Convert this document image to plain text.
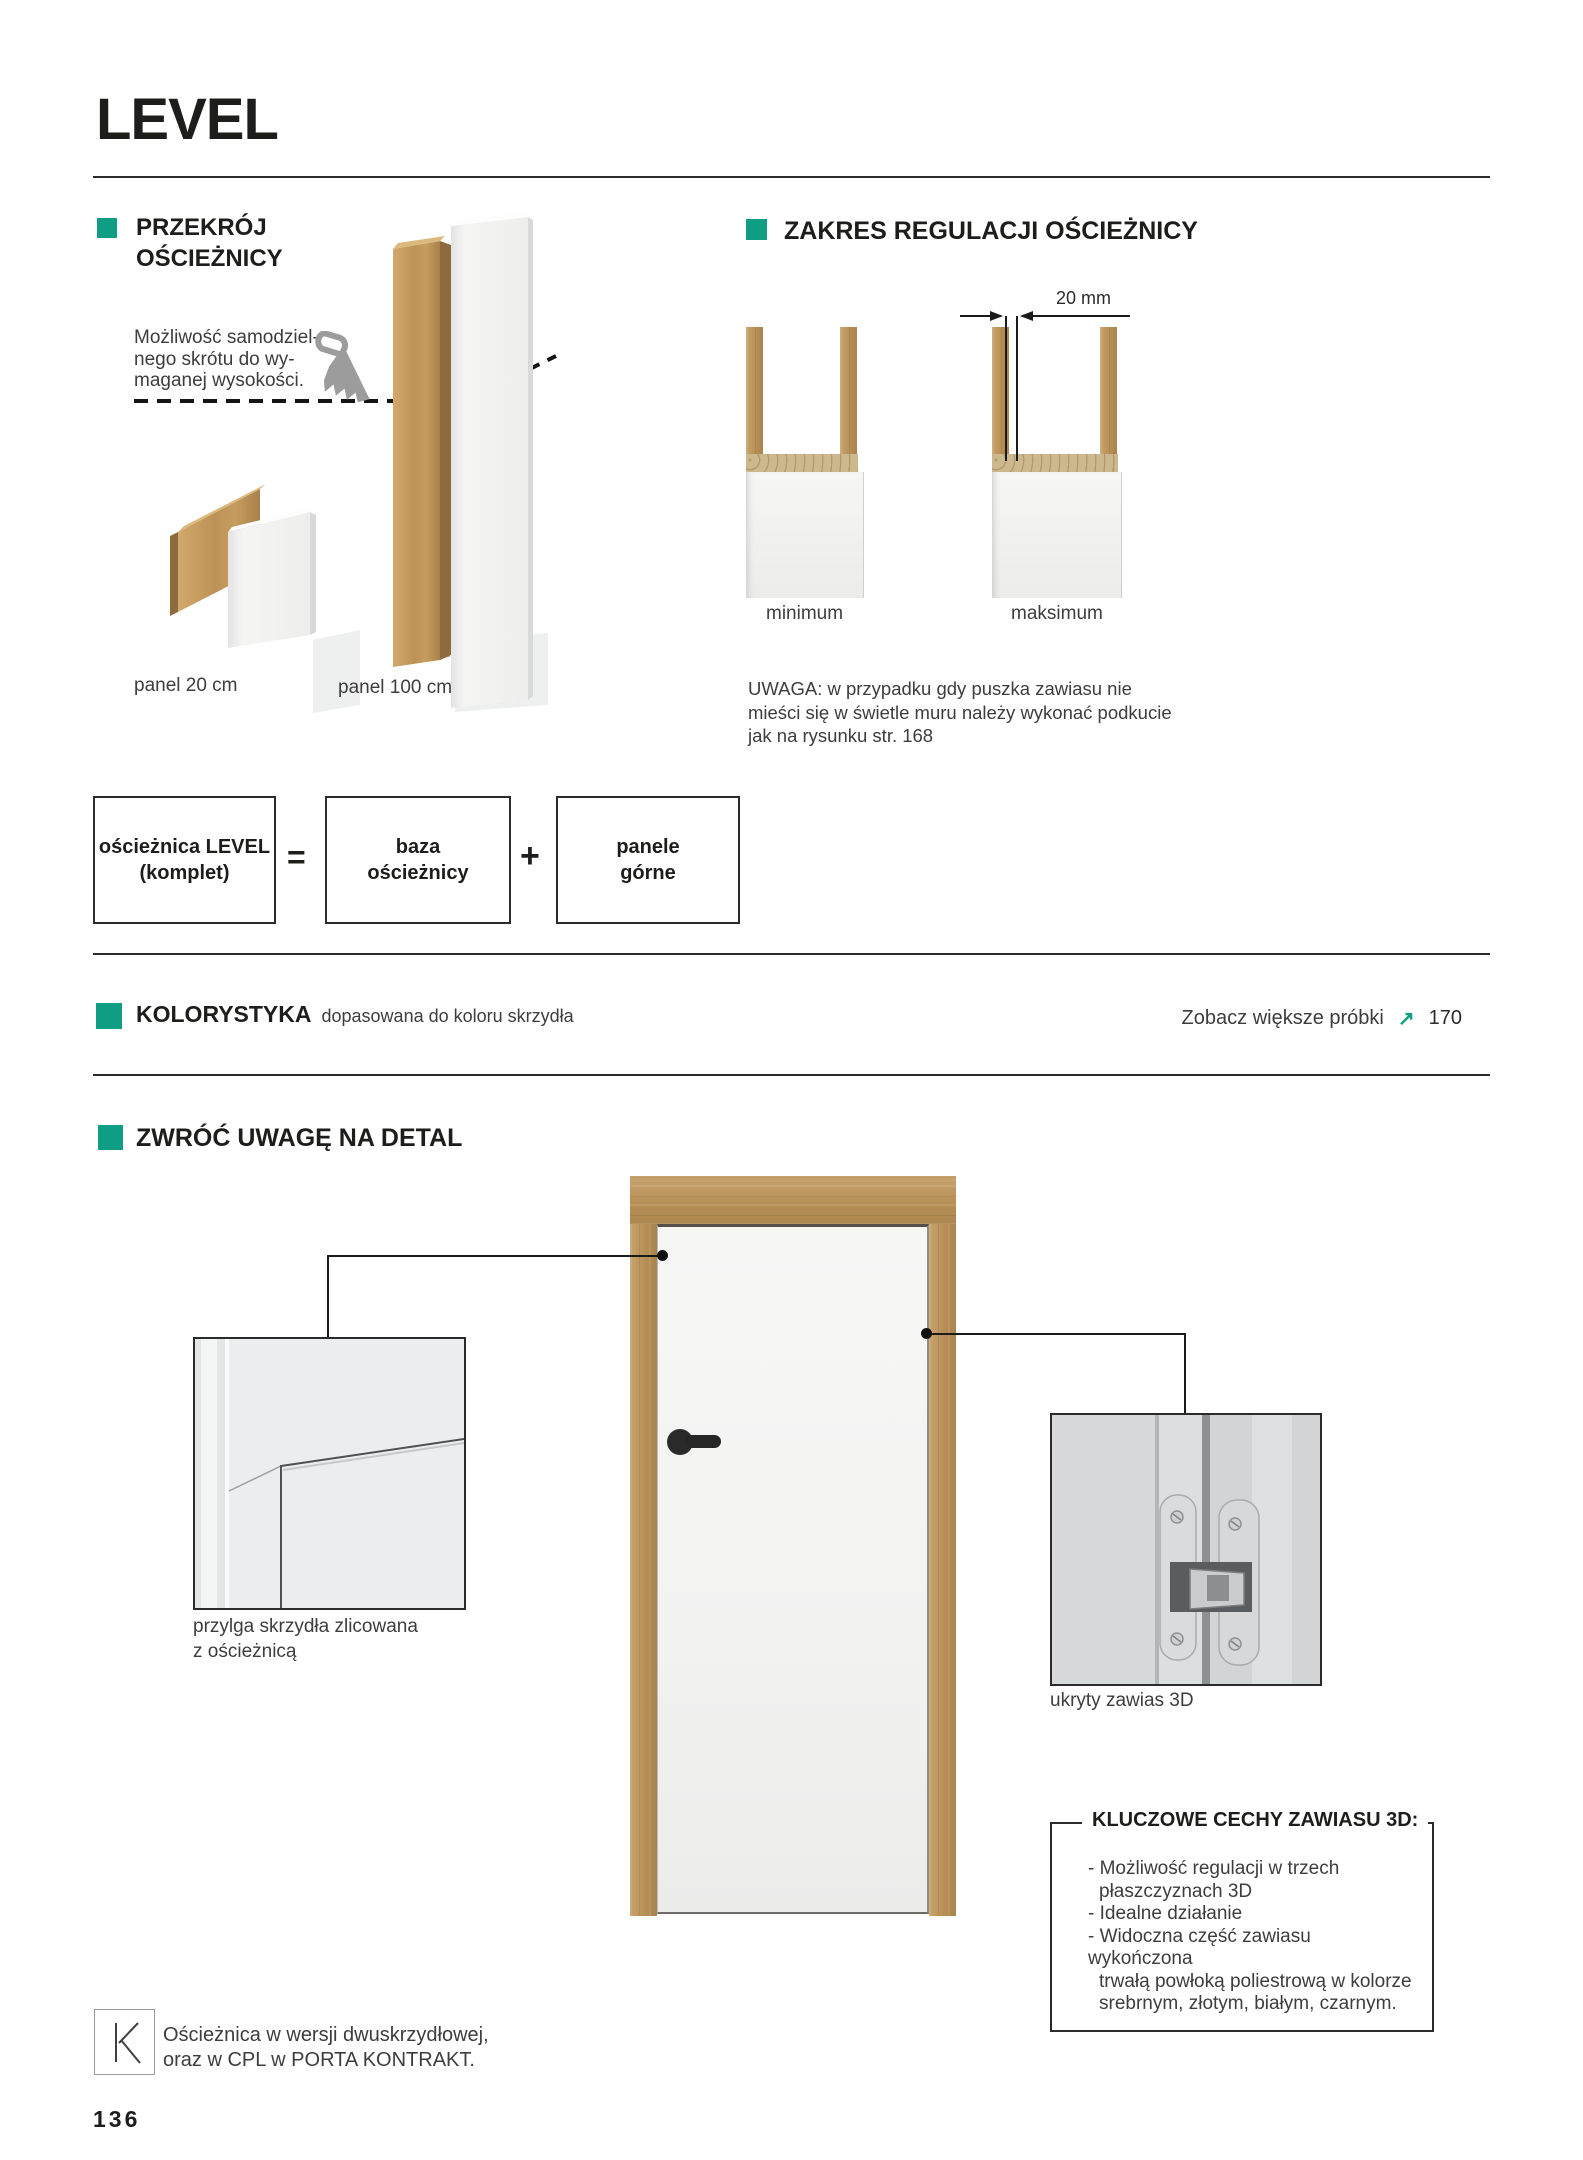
LEVEL
PRZEKRÓJ
OŚCIEŻNICY
Możliwość samodziel-
nego skrótu do wy-
maganej wysokości.
panel 20 cm	panel 100 cm
ZAKRES REGULACJI OŚCIEŻNICY
20 mm
minimum	maksimum
UWAGA: w przypadku gdy puszka zawiasu nie
mieści się w świetle muru należy wykonać podkucie
jak na rysunku str. 168
ościeżnica LEVEL
(komplet) =	baza
ościeżnicy +	panele
górne
KOLORYSTYKA dopasowana do koloru skrzydła	Zobacz większe próbki ↗ 170
ZWRÓĆ UWAGĘ NA DETAL
przylga skrzydła zlicowana
z ościeżnicą
ukryty zawias 3D
KLUCZOWE CECHY ZAWIASU 3D:
- Możliwość regulacji w trzech
płaszczyznach 3D
- Idealne działanie
- Widoczna część zawiasu wykończona
trwałą powłoką poliestrową w kolorze
srebrnym, złotym, białym, czarnym.
Ościeżnica w wersji dwuskrzydłowej,
oraz w CPL w PORTA KONTRAKT.
136
